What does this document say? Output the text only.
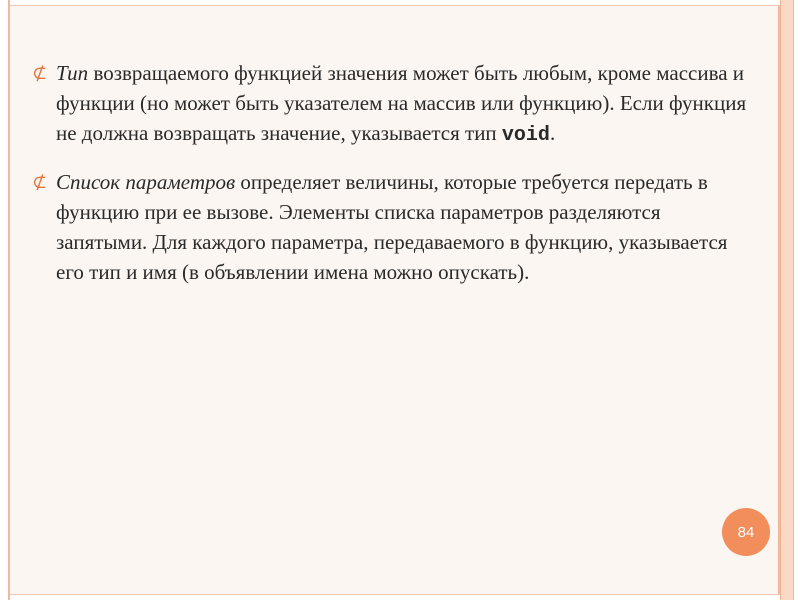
⊄ Тип возвращаемого функцией значения может быть любым, кроме массива и функции (но может быть указателем на массив или функцию). Если функция не должна возвращать значение, указывается тип void.
⊄ Список параметров определяет величины, которые требуется передать в функцию при ее вызове. Элементы списка параметров разделяются запятыми. Для каждого параметра, передаваемого в функцию, указывается его тип и имя (в объявлении имена можно опускать).
84
